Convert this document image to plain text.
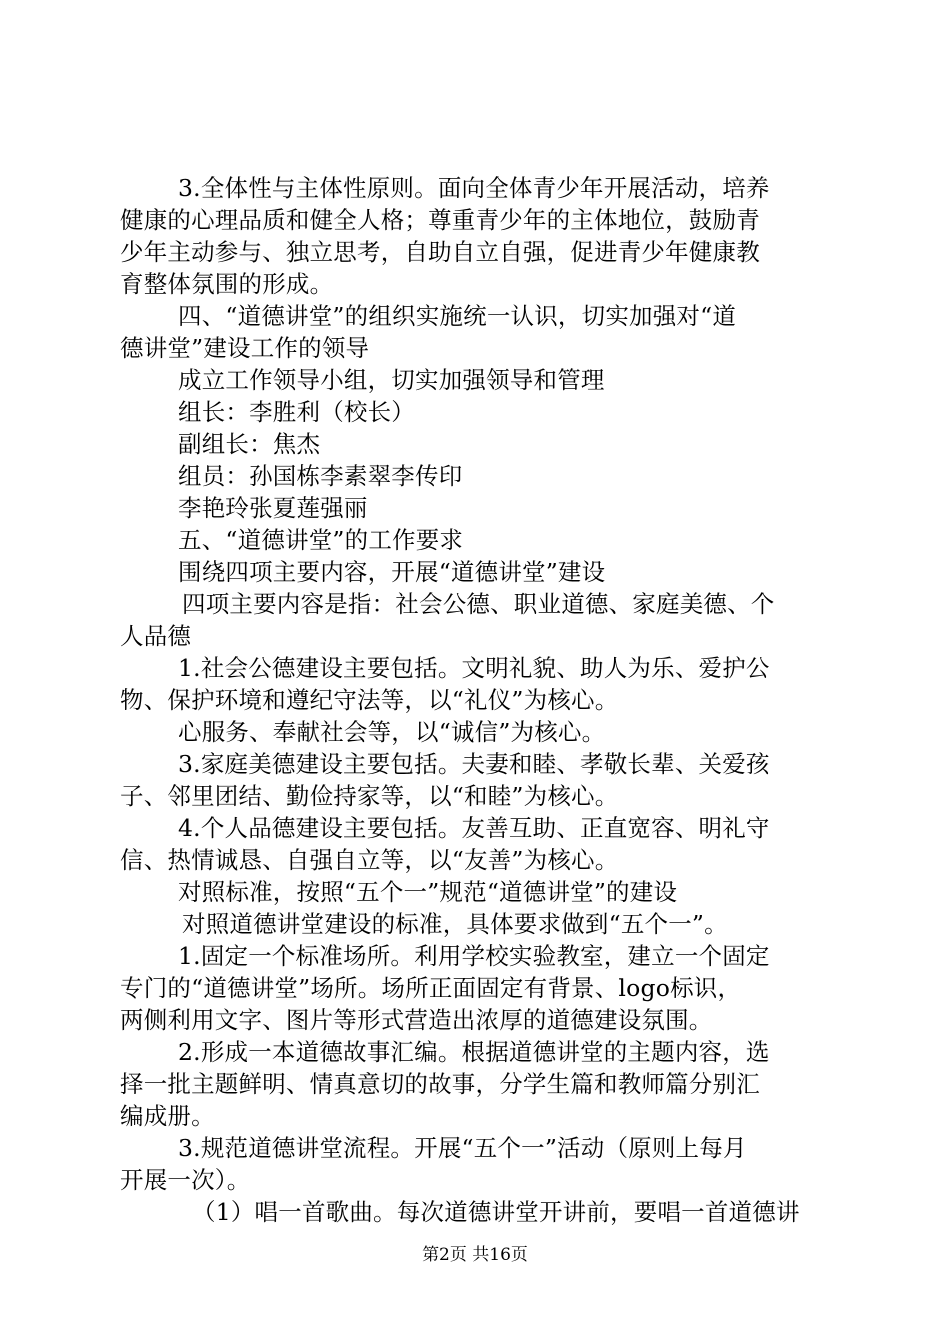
3.全体性与主体性原则。面向全体青少年开展活动，培养
健康的心理品质和健全人格；尊重青少年的主体地位，鼓励青
少年主动参与、独立思考，自助自立自强，促进青少年健康教
育整体氛围的形成。
四、“道德讲堂”的组织实施统一认识，切实加强对“道
德讲堂”建设工作的领导
成立工作领导小组，切实加强领导和管理
组长：李胜利（校长）
副组长：焦杰
组员：孙国栋李素翠李传印
李艳玲张夏莲强丽
五、“道德讲堂”的工作要求
围绕四项主要内容，开展“道德讲堂”建设
四项主要内容是指：社会公德、职业道德、家庭美德、个
人品德
1.社会公德建设主要包括。文明礼貌、助人为乐、爱护公
物、保护环境和遵纪守法等，以“礼仪”为核心。
心服务、奉献社会等，以“诚信”为核心。
3.家庭美德建设主要包括。夫妻和睦、孝敬长辈、关爱孩
子、邻里团结、勤俭持家等，以“和睦”为核心。
4.个人品德建设主要包括。友善互助、正直宽容、明礼守
信、热情诚恳、自强自立等，以“友善”为核心。
对照标准，按照“五个一”规范“道德讲堂”的建设
对照道德讲堂建设的标准，具体要求做到“五个一”。
1.固定一个标准场所。利用学校实验教室，建立一个固定
专门的“道德讲堂”场所。场所正面固定有背景、logo标识，
两侧利用文字、图片等形式营造出浓厚的道德建设氛围。
2.形成一本道德故事汇编。根据道德讲堂的主题内容，选
择一批主题鲜明、情真意切的故事，分学生篇和教师篇分别汇
编成册。
3.规范道德讲堂流程。开展“五个一”活动（原则上每月
开展一次）。
（1）唱一首歌曲。每次道德讲堂开讲前，要唱一首道德讲
第2页 共16页
